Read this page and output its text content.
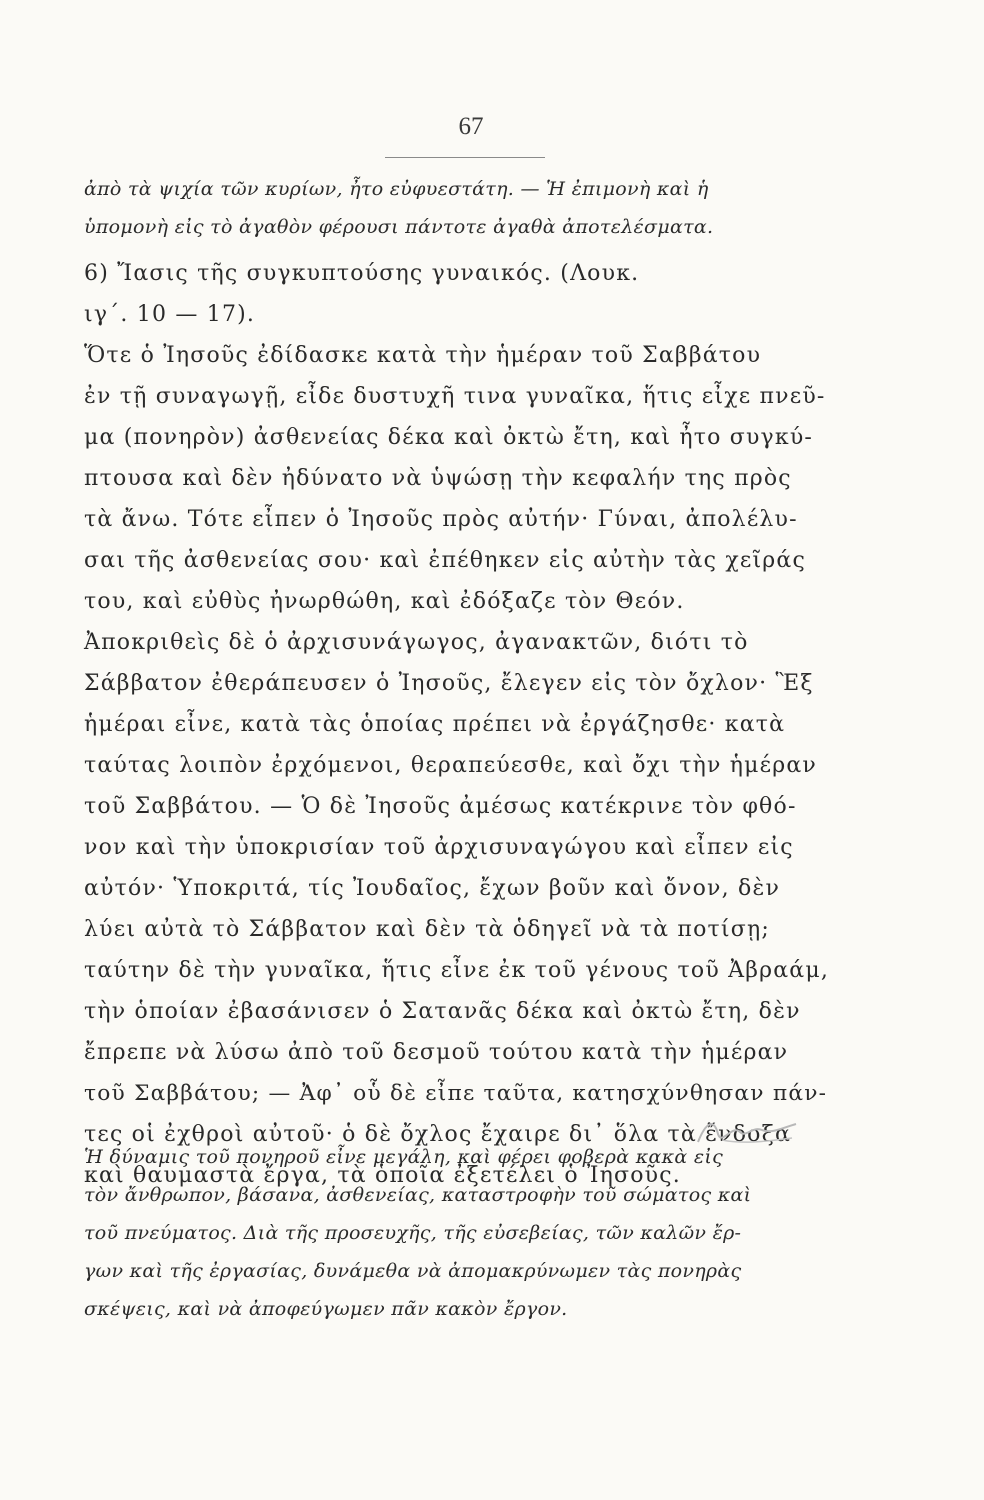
67
ἀπὸ τὰ ψιχία τῶν κυρίων, ἦτο εὐφυεστάτη. — Ἡ ἐπιμονὴ καὶ ἡ
ὑπομονὴ εἰς τὸ ἀγαθὸν φέρουσι πάντοτε ἀγαθὰ ἀποτελέσματα.
6) Ἴασις τῆς συγκυπτούσης γυναικός. (Λουκ.
ιγ΄. 10 — 17).
Ὅτε ὁ Ἰησοῦς ἐδίδασκε κατὰ τὴν ἡμέραν τοῦ Σαββάτου
ἐν τῇ συναγωγῇ, εἶδε δυστυχῆ τινα γυναῖκα, ἥτις εἶχε πνεῦ-
μα (πονηρὸν) ἀσθενείας δέκα καὶ ὀκτὼ ἔτη, καὶ ἦτο συγκύ-
πτουσα καὶ δὲν ἠδύνατο νὰ ὑψώσῃ τὴν κεφαλήν της πρὸς
τὰ ἄνω. Τότε εἶπεν ὁ Ἰησοῦς πρὸς αὐτήν· Γύναι, ἀπολέλυ-
σαι τῆς ἀσθενείας σου· καὶ ἐπέθηκεν εἰς αὐτὴν τὰς χεῖράς
του, καὶ εὐθὺς ἠνωρθώθη, καὶ ἐδόξαζε τὸν Θεόν.
Ἀποκριθεὶς δὲ ὁ ἀρχισυνάγωγος, ἀγανακτῶν, διότι τὸ
Σάββατον ἐθεράπευσεν ὁ Ἰησοῦς, ἔλεγεν εἰς τὸν ὄχλον· Ἓξ
ἡμέραι εἶνε, κατὰ τὰς ὁποίας πρέπει νὰ ἐργάζησθε· κατὰ
ταύτας λοιπὸν ἐρχόμενοι, θεραπεύεσθε, καὶ ὄχι τὴν ἡμέραν
τοῦ Σαββάτου. — Ὁ δὲ Ἰησοῦς ἀμέσως κατέκρινε τὸν φθό-
νον καὶ τὴν ὑποκρισίαν τοῦ ἀρχισυναγώγου καὶ εἶπεν εἰς
αὐτόν· Ὑποκριτά, τίς Ἰουδαῖος, ἔχων βοῦν καὶ ὄνον, δὲν
λύει αὐτὰ τὸ Σάββατον καὶ δὲν τὰ ὁδηγεῖ νὰ τὰ ποτίσῃ;
ταύτην δὲ τὴν γυναῖκα, ἥτις εἶνε ἐκ τοῦ γένους τοῦ Ἀβραάμ,
τὴν ὁποίαν ἐβασάνισεν ὁ Σατανᾶς δέκα καὶ ὀκτὼ ἔτη, δὲν
ἔπρεπε νὰ λύσω ἀπὸ τοῦ δεσμοῦ τούτου κατὰ τὴν ἡμέραν
τοῦ Σαββάτου; — Ἀφ᾽ οὗ δὲ εἶπε ταῦτα, κατησχύνθησαν πάν-
τες οἱ ἐχθροὶ αὐτοῦ· ὁ δὲ ὄχλος ἔχαιρε δι᾽ ὅλα τὰ ἔνδοξα
καὶ θαυμαστὰ ἔργα, τὰ ὁποῖα ἐξετέλει ὁ Ἰησοῦς.
Ἡ δύναμις τοῦ πονηροῦ εἶνε μεγάλη, καὶ φέρει φοβερὰ κακὰ εἰς
τὸν ἄνθρωπον, βάσανα, ἀσθενείας, καταστροφὴν τοῦ σώματος καὶ
τοῦ πνεύματος. Διὰ τῆς προσευχῆς, τῆς εὐσεβείας, τῶν καλῶν ἔρ-
γων καὶ τῆς ἐργασίας, δυνάμεθα νὰ ἀπομακρύνωμεν τὰς πονηρὰς
σκέψεις, καὶ νὰ ἀποφεύγωμεν πᾶν κακὸν ἔργον.
